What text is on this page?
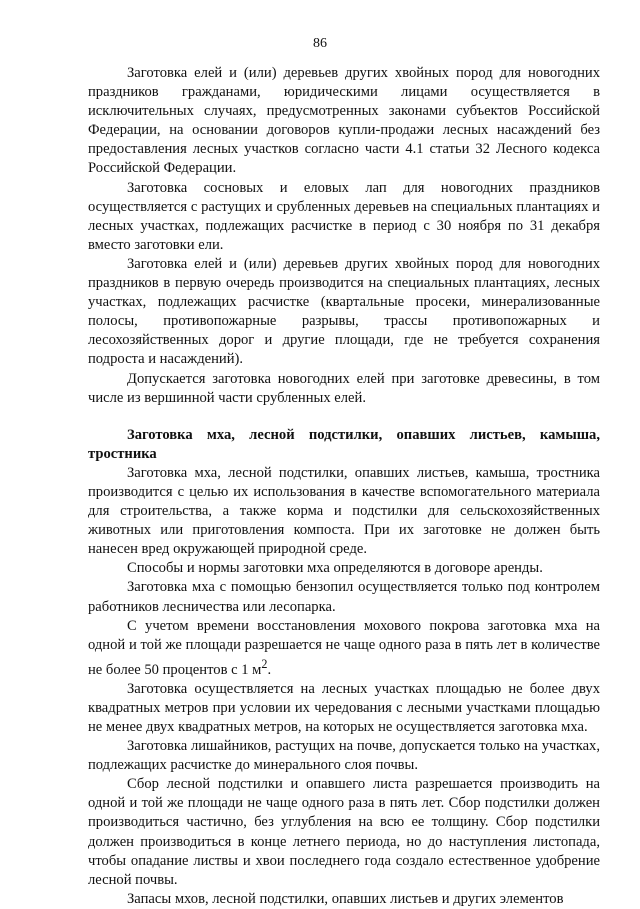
86

Заготовка елей и (или) деревьев других хвойных пород для новогодних праздников гражданами, юридическими лицами осуществляется в исключительных случаях, предусмотренных законами субъектов Российской Федерации, на основании договоров купли-продажи лесных насаждений без предоставления лесных участков согласно части 4.1 статьи 32 Лесного кодекса Российской Федерации.

Заготовка сосновых и еловых лап для новогодних праздников осуществляется с растущих и срубленных деревьев на специальных плантациях и лесных участках, подлежащих расчистке в период с 30 ноября по 31 декабря вместо заготовки ели.

Заготовка елей и (или) деревьев других хвойных пород для новогодних праздников в первую очередь производится на специальных плантациях, лесных участках, подлежащих расчистке (квартальные просеки, минерализованные полосы, противопожарные разрывы, трассы противопожарных и лесохозяйственных дорог и другие площади, где не требуется сохранения подроста и насаждений).

Допускается заготовка новогодних елей при заготовке древесины, в том числе из вершинной части срубленных елей.

Заготовка мха, лесной подстилки, опавших листьев, камыша, тростника

Заготовка мха, лесной подстилки, опавших листьев, камыша, тростника производится с целью их использования в качестве вспомогательного материала для строительства, а также корма и подстилки для сельскохозяйственных животных или приготовления компоста. При их заготовке не должен быть нанесен вред окружающей природной среде.

Способы и нормы заготовки мха определяются в договоре аренды.

Заготовка мха с помощью бензопил осуществляется только под контролем работников лесничества или лесопарка.

С учетом времени восстановления мохового покрова заготовка мха на одной и той же площади разрешается не чаще одного раза в пять лет в количестве не более 50 процентов с 1 $м^2$.

Заготовка осуществляется на лесных участках площадью не более двух квадратных метров при условии их чередования с лесными участками площадью не менее двух квадратных метров, на которых не осуществляется заготовка мха.

Заготовка лишайников, растущих на почве, допускается только на участках, подлежащих расчистке до минерального слоя почвы.

Сбор лесной подстилки и опавшего листа разрешается производить на одной и той же площади не чаще одного раза в пять лет. Сбор подстилки должен производиться частично, без углубления на всю ее толщину. Сбор подстилки должен производиться в конце летнего периода, но до наступления листопада, чтобы опадание листвы и хвои последнего года создало естественное удобрение лесной почвы.

Запасы мхов, лесной подстилки, опавших листьев и других элементов
